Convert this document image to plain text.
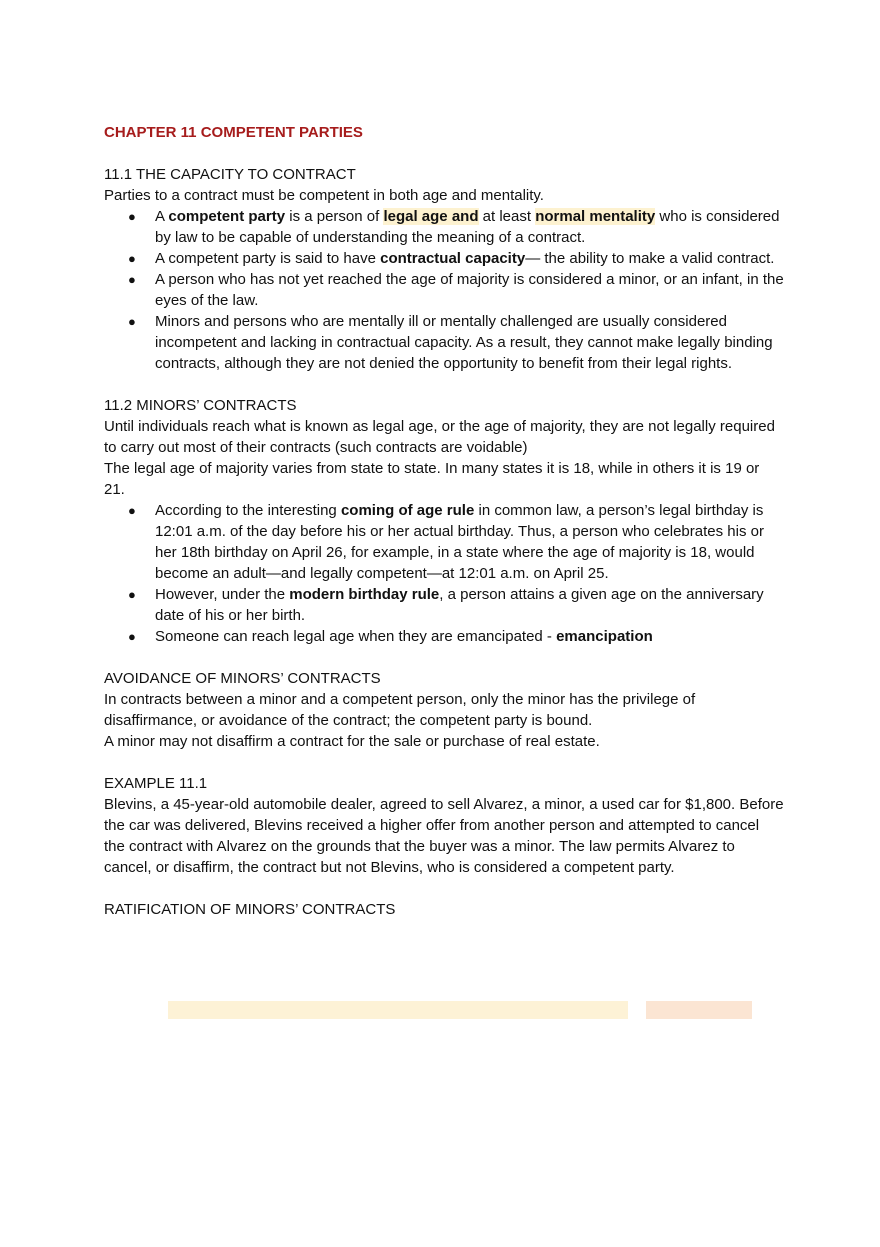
CHAPTER 11 COMPETENT PARTIES

11.1 THE CAPACITY TO CONTRACT

Parties to a contract must be competent in both age and mentality.

● A competent party is a person of legal age and at least normal mentality who is considered by law to be capable of understanding the meaning of a contract.
● A competent party is said to have contractual capacity— the ability to make a valid contract.
● A person who has not yet reached the age of majority is considered a minor, or an infant, in the eyes of the law.
● Minors and persons who are mentally ill or mentally challenged are usually considered incompetent and lacking in contractual capacity. As a result, they cannot make legally binding contracts, although they are not denied the opportunity to benefit from their legal rights.

11.2 MINORS’ CONTRACTS

Until individuals reach what is known as legal age, or the age of majority, they are not legally required to carry out most of their contracts (such contracts are voidable)

The legal age of majority varies from state to state. In many states it is 18, while in others it is 19 or 21.

● According to the interesting coming of age rule in common law, a person’s legal birthday is 12:01 a.m. of the day before his or her actual birthday. Thus, a person who celebrates his or her 18th birthday on April 26, for example, in a state where the age of majority is 18, would become an adult—and legally competent—at 12:01 a.m. on April 25.
● However, under the modern birthday rule, a person attains a given age on the anniversary date of his or her birth.
● Someone can reach legal age when they are emancipated - emancipation

AVOIDANCE OF MINORS’ CONTRACTS

In contracts between a minor and a competent person, only the minor has the privilege of disaffirmance, or avoidance of the contract; the competent party is bound.

A minor may not disaffirm a contract for the sale or purchase of real estate.

EXAMPLE 11.1

Blevins, a 45-year-old automobile dealer, agreed to sell Alvarez, a minor, a used car for $1,800. Before the car was delivered, Blevins received a higher offer from another person and attempted to cancel the contract with Alvarez on the grounds that the buyer was a minor. The law permits Alvarez to cancel, or disaffirm, the contract but not Blevins, who is considered a competent party.

RATIFICATION OF MINORS’ CONTRACTS
